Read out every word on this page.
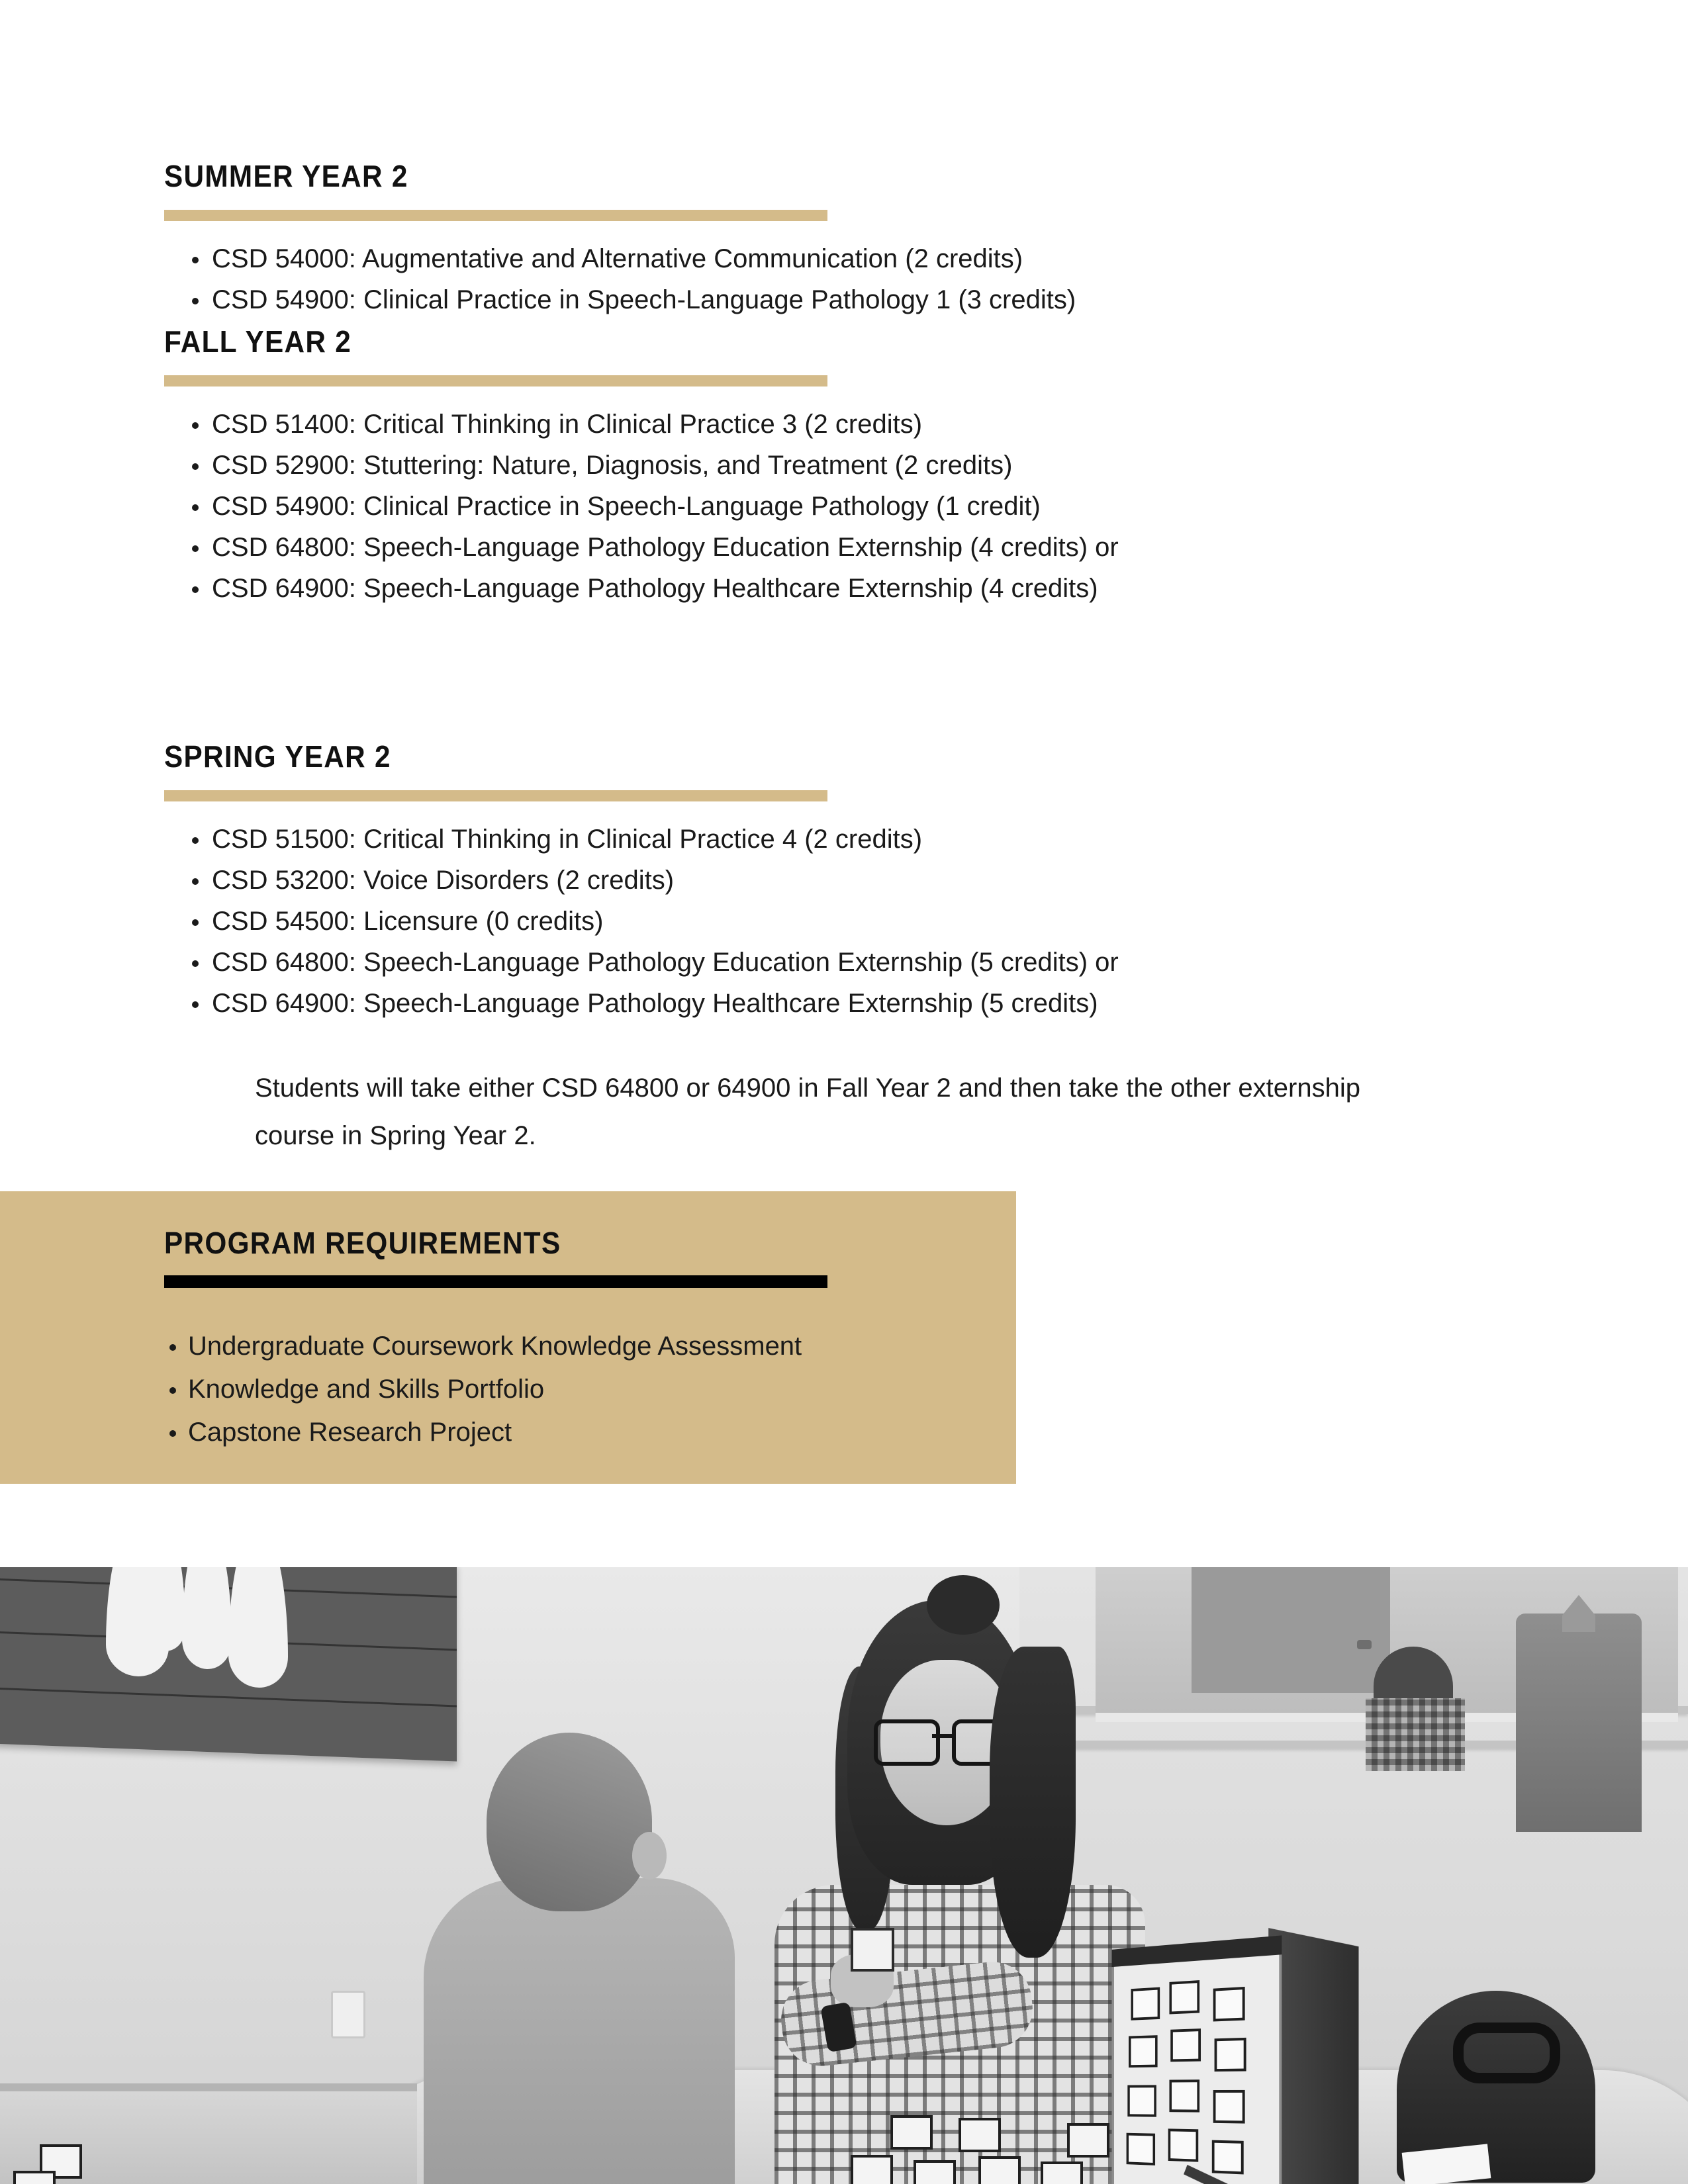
SUMMER YEAR 2
CSD 54000: Augmentative and Alternative Communication (2 credits)
CSD 54900: Clinical Practice in Speech-Language Pathology 1 (3 credits)
FALL YEAR 2
CSD 51400: Critical Thinking in Clinical Practice 3 (2 credits)
CSD 52900: Stuttering: Nature, Diagnosis, and Treatment (2 credits)
CSD 54900: Clinical Practice in Speech-Language Pathology (1 credit)
CSD 64800: Speech-Language Pathology Education Externship (4 credits) or
CSD 64900: Speech-Language Pathology Healthcare Externship (4 credits)
SPRING YEAR 2
CSD 51500: Critical Thinking in Clinical Practice 4 (2 credits)
CSD 53200: Voice Disorders (2 credits)
CSD 54500: Licensure (0 credits)
CSD 64800: Speech-Language Pathology Education Externship (5 credits) or
CSD 64900: Speech-Language Pathology Healthcare Externship (5 credits)

Students will take either CSD 64800 or 64900 in Fall Year 2 and then take the other externship course in Spring Year 2.

PROGRAM REQUIREMENTS
Undergraduate Coursework Knowledge Assessment
Knowledge and Skills Portfolio
Capstone Research Project
